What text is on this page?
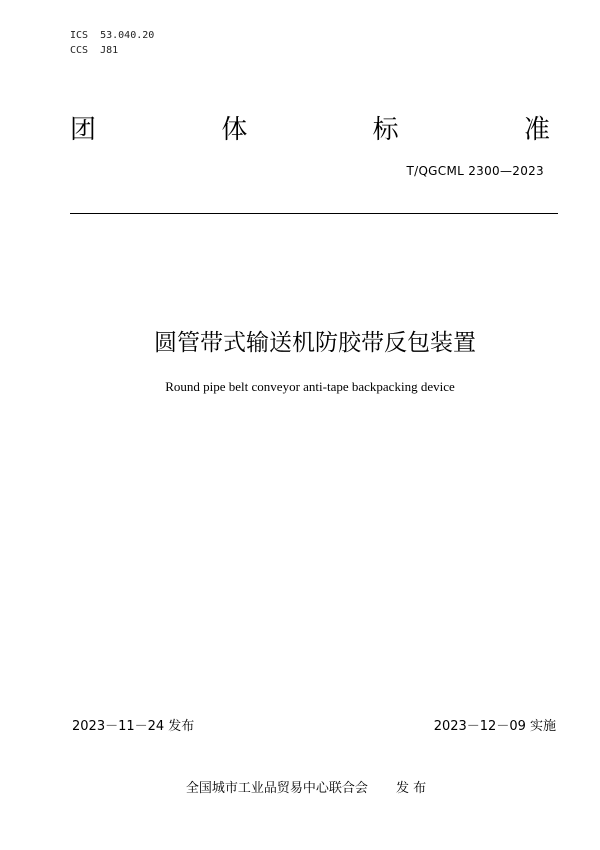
ICS  53.040.20
CCS  J81
团	体	标	准
T/QGCML 2300—2023
圆管带式输送机防胶带反包装置
Round pipe belt conveyor anti-tape backpacking device
2023－11－24 发布	2023－12－09 实施
全国城市工业品贸易中心联合会 发 布
